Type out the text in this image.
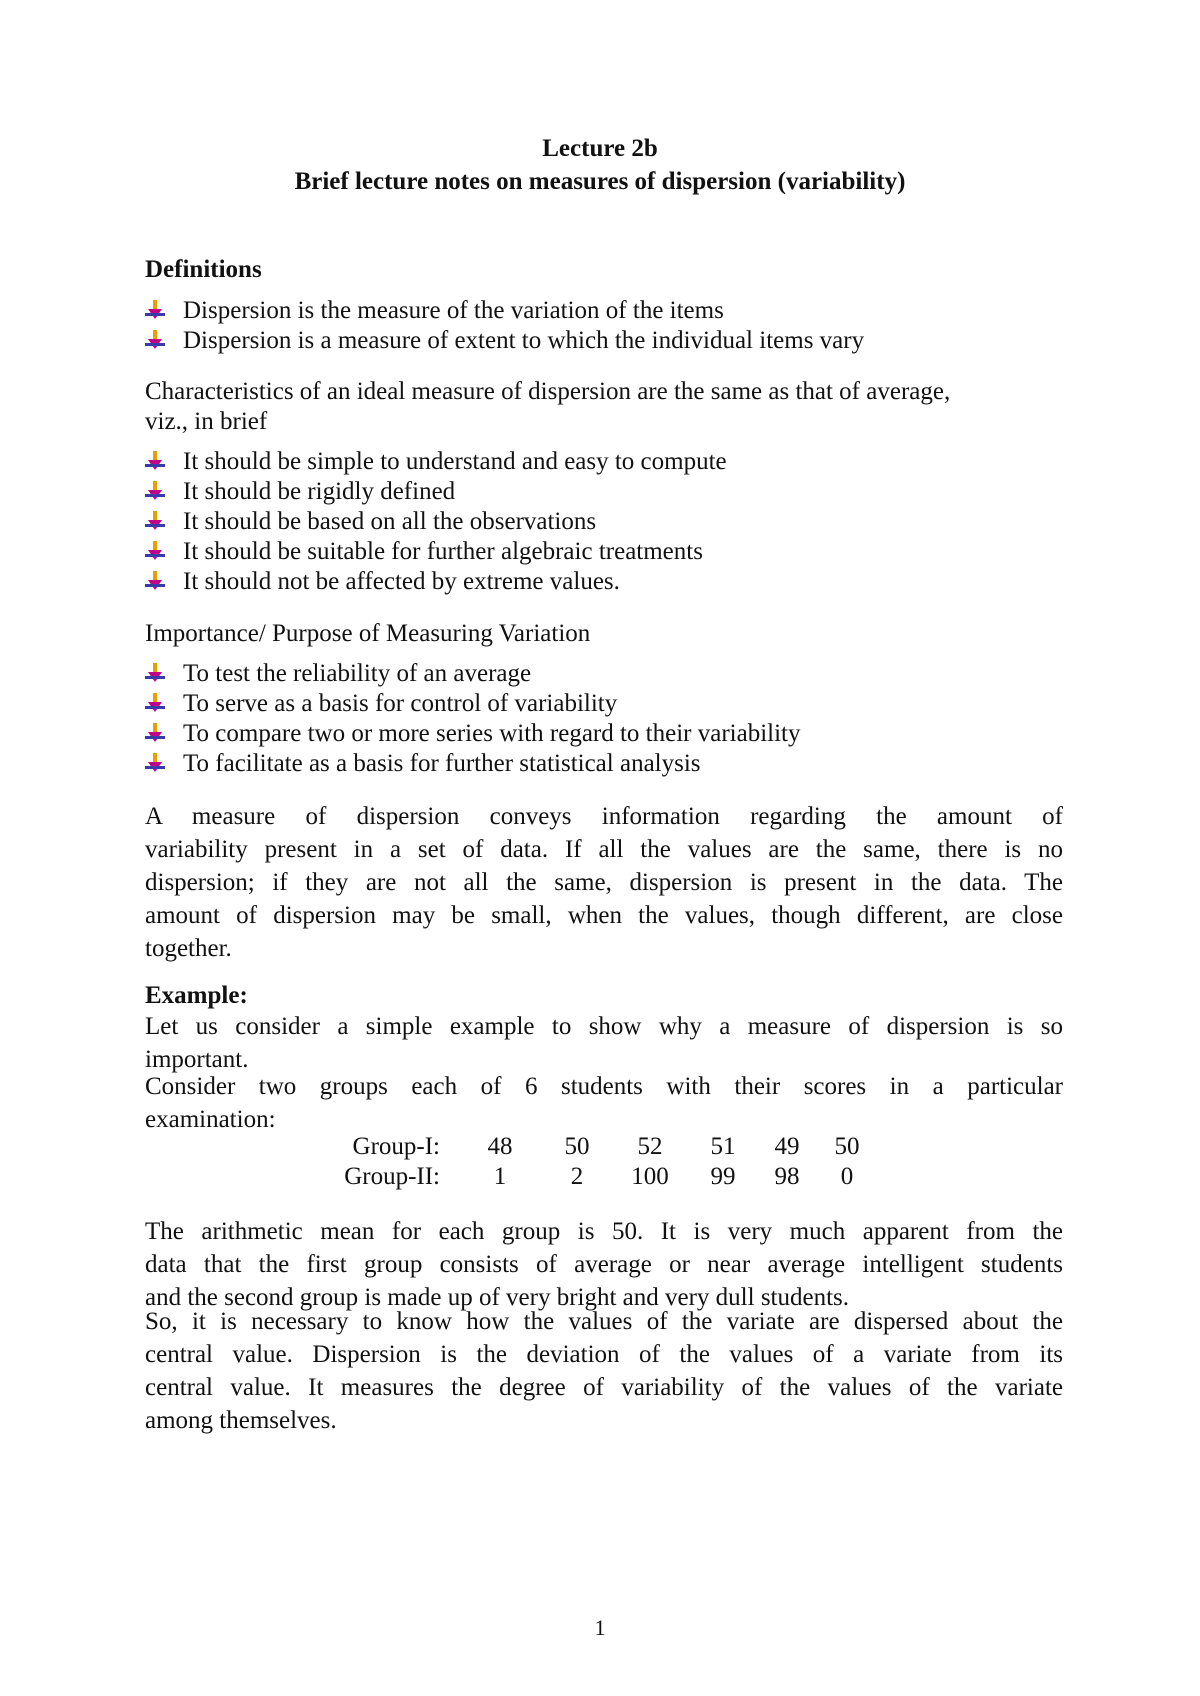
Lecture 2b
Brief lecture notes on measures of dispersion (variability)
Definitions
Dispersion is the measure of the variation of the items
Dispersion is a measure of extent to which the individual items vary
Characteristics of an ideal measure of dispersion are the same as that of average,
viz., in brief
It should be simple to understand and easy to compute
It should be rigidly defined
It should be based on all the observations
It should be suitable for further algebraic treatments
It should not be affected by extreme values.
Importance/ Purpose of Measuring Variation
To test the reliability of an average
To serve as a basis for control of variability
To compare two or more series with regard to their variability
To facilitate as a basis for further statistical analysis
A measure of dispersion conveys information regarding the amount of
variability present in a set of data. If all the values are the same, there is no
dispersion; if they are not all the same, dispersion is present in the data. The
amount of dispersion may be small, when the values, though different, are close
together.
Example:
Let us consider a simple example to show why a measure of dispersion is so
important.
Consider two groups each of 6 students with their scores in a particular
examination:
Group-I:	48	50	52	51	49	50
Group-II:	1	2	100	99	98	0
The arithmetic mean for each group is 50. It is very much apparent from the
data that the first group consists of average or near average intelligent students
and the second group is made up of very bright and very dull students.
So, it is necessary to know how the values of the variate are dispersed about the
central value. Dispersion is the deviation of the values of a variate from its
central value. It measures the degree of variability of the values of the variate
among themselves.
1
